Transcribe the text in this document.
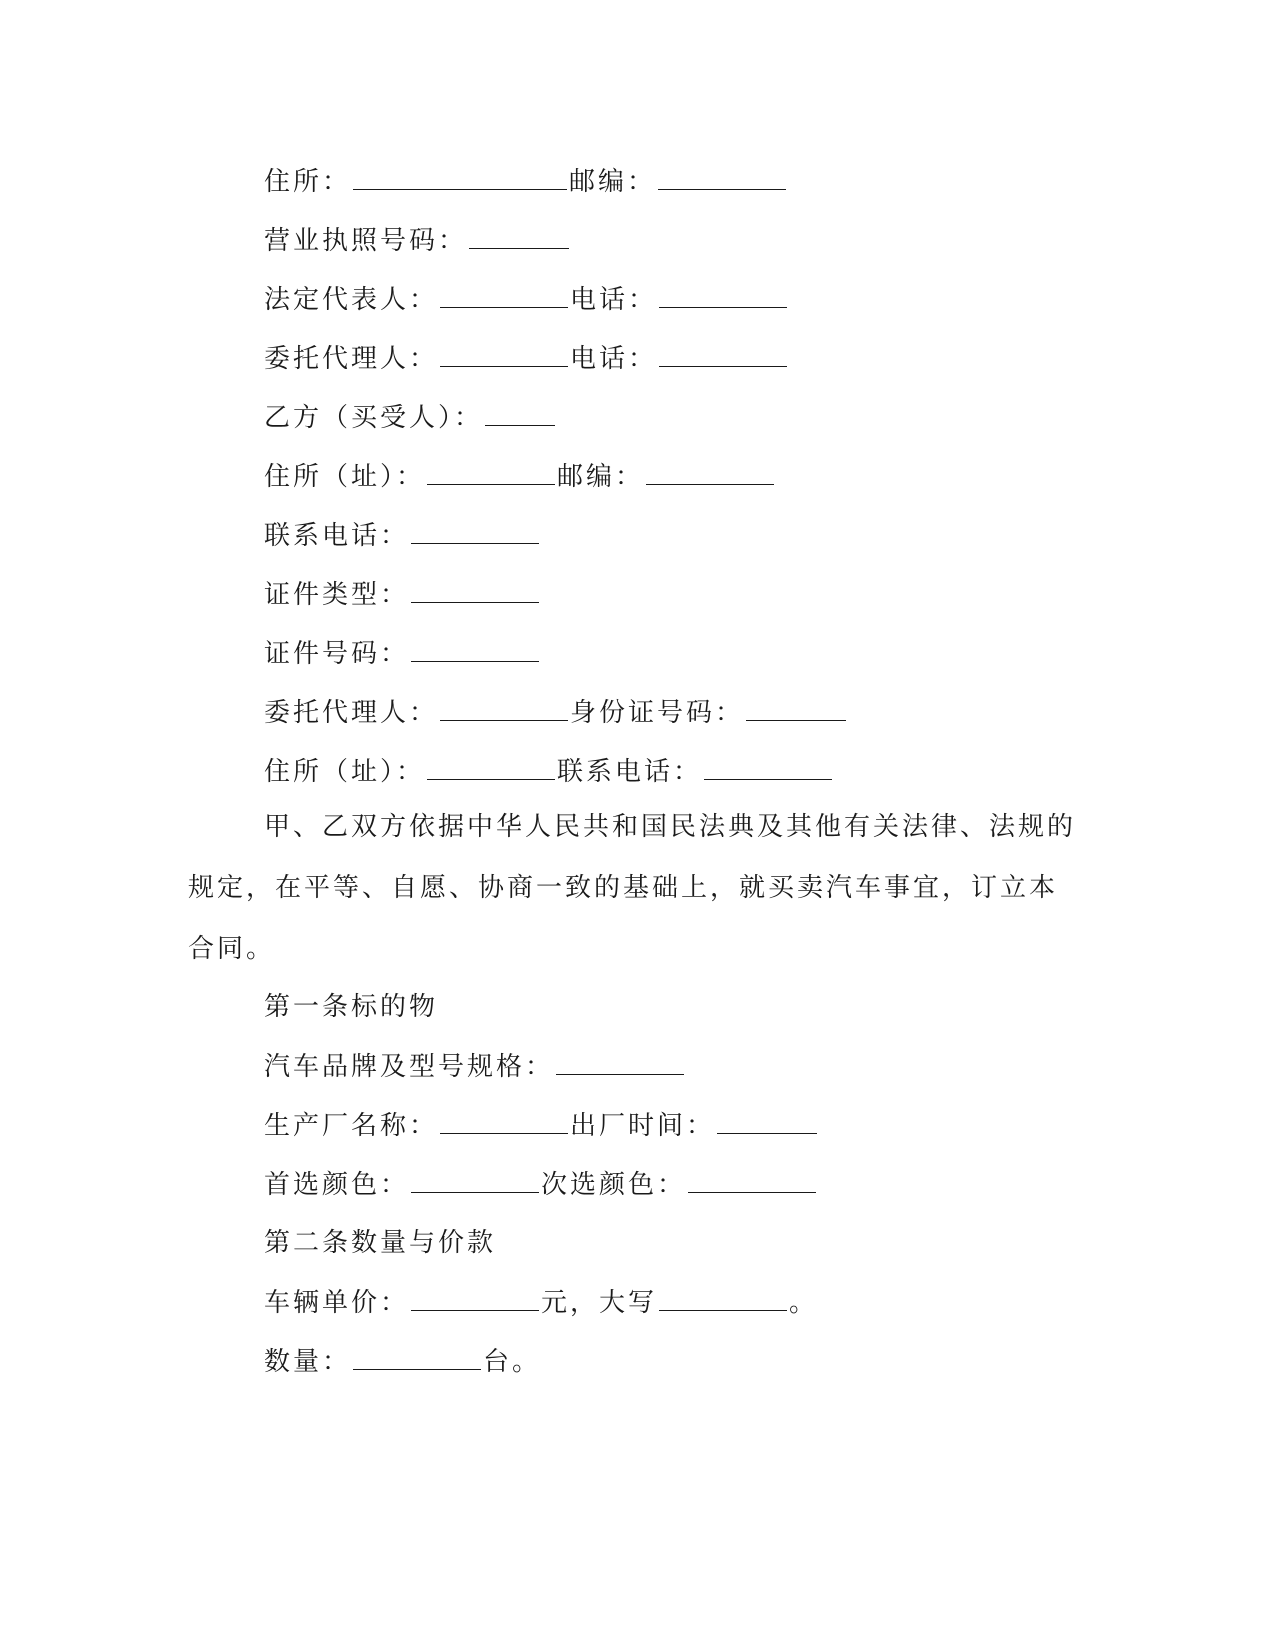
住所：	邮编：
营业执照号码：
法定代表人：	电话：
委托代理人：	电话：
乙方（买受人）：
住所（址）：	邮编：
联系电话：
证件类型：
证件号码：
委托代理人：	身份证号码：
住所（址）：	联系电话：
甲、乙双方依据中华人民共和国民法典及其他有关法律、法规的规定，在平等、自愿、协商一致的基础上，就买卖汽车事宜，订立本合同。
第一条标的物
汽车品牌及型号规格：
生产厂名称：	出厂时间：
首选颜色：	次选颜色：
第二条数量与价款
车辆单价：	元，大写	。
数量：	台。
